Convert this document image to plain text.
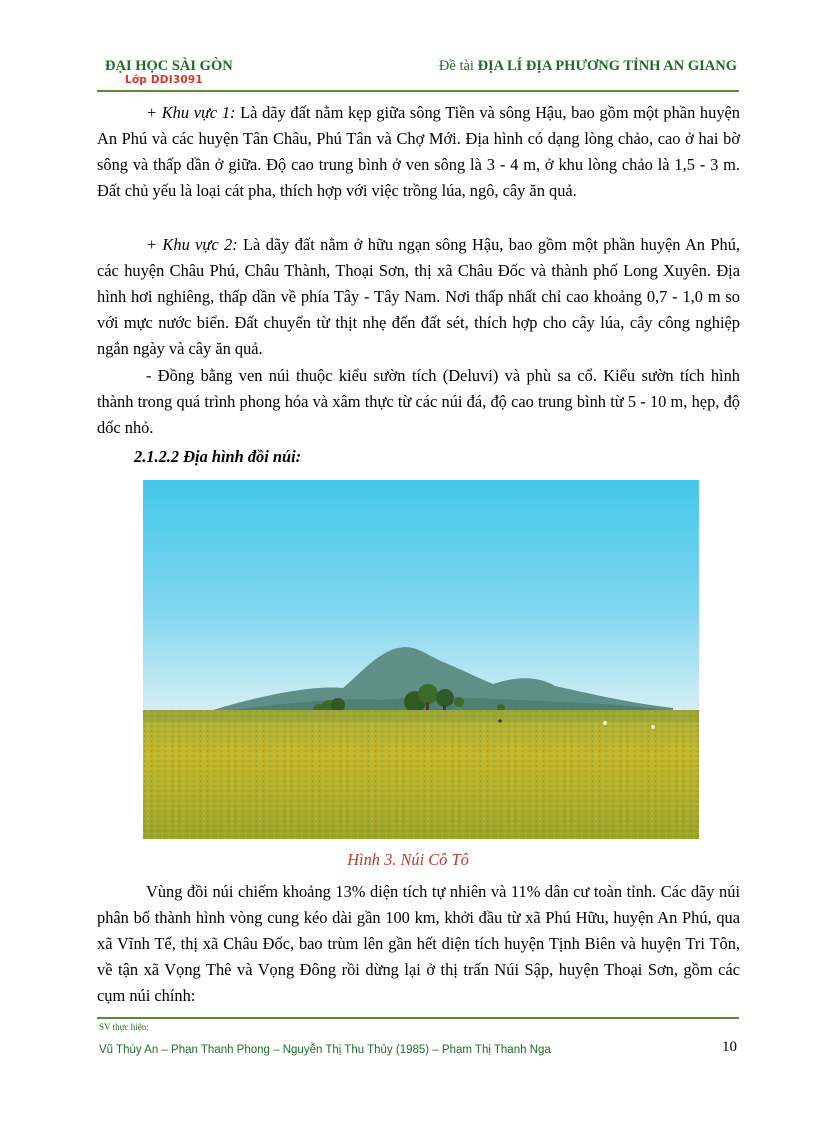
ĐẠI HỌC SÀI GÒN
Lớp DDI3091
Đề tài ĐỊA LÍ ĐỊA PHƯƠNG TỈNH AN GIANG
+ Khu vực 1: Là dãy đất nằm kẹp giữa sông Tiền và sông Hậu, bao gồm một phần huyện An Phú và các huyện Tân Châu, Phú Tân và Chợ Mới. Địa hình có dạng lòng chảo, cao ở hai bờ sông và thấp dần ở giữa. Độ cao trung bình ở ven sông là 3 - 4 m, ở khu lòng chảo là 1,5 - 3 m. Đất chủ yếu là loại cát pha, thích hợp với việc trồng lúa, ngô, cây ăn quả.
+ Khu vực 2: Là dãy đất nằm ở hữu ngạn sông Hậu, bao gồm một phần huyện An Phú, các huyện Châu Phú, Châu Thành, Thoại Sơn, thị xã Châu Đốc và thành phố Long Xuyên. Địa hình hơi nghiêng, thấp dần về phía Tây - Tây Nam. Nơi thấp nhất chỉ cao khoảng 0,7 - 1,0 m so với mực nước biển. Đất chuyển từ thịt nhẹ đến đất sét, thích hợp cho cây lúa, cây công nghiệp ngắn ngày và cây ăn quả.
- Đồng bằng ven núi thuộc kiểu sườn tích (Deluvi) và phù sa cổ. Kiểu sườn tích hình thành trong quá trình phong hóa và xâm thực từ các núi đá, độ cao trung bình từ 5 - 10 m, hẹp, độ dốc nhỏ.
2.1.2.2 Địa hình đồi núi:
Hình 3. Núi Cô Tô
Vùng đồi núi chiếm khoảng 13% diện tích tự nhiên và 11% dân cư toàn tỉnh. Các dãy núi phân bố thành hình vòng cung kéo dài gần 100 km, khởi đầu từ xã Phú Hữu, huyện An Phú, qua xã Vĩnh Tế, thị xã Châu Đốc, bao trùm lên gần hết diện tích huyện Tịnh Biên và huyện Tri Tôn, về tận xã Vọng Thê và Vọng Đông rồi dừng lại ở thị trấn Núi Sập, huyện Thoại Sơn, gồm các cụm núi chính:
SV thực hiện:
Vũ Thúy An – Phan Thanh Phong – Nguyễn Thị Thu Thủy (1985) – Phạm Thị Thanh Nga	10
